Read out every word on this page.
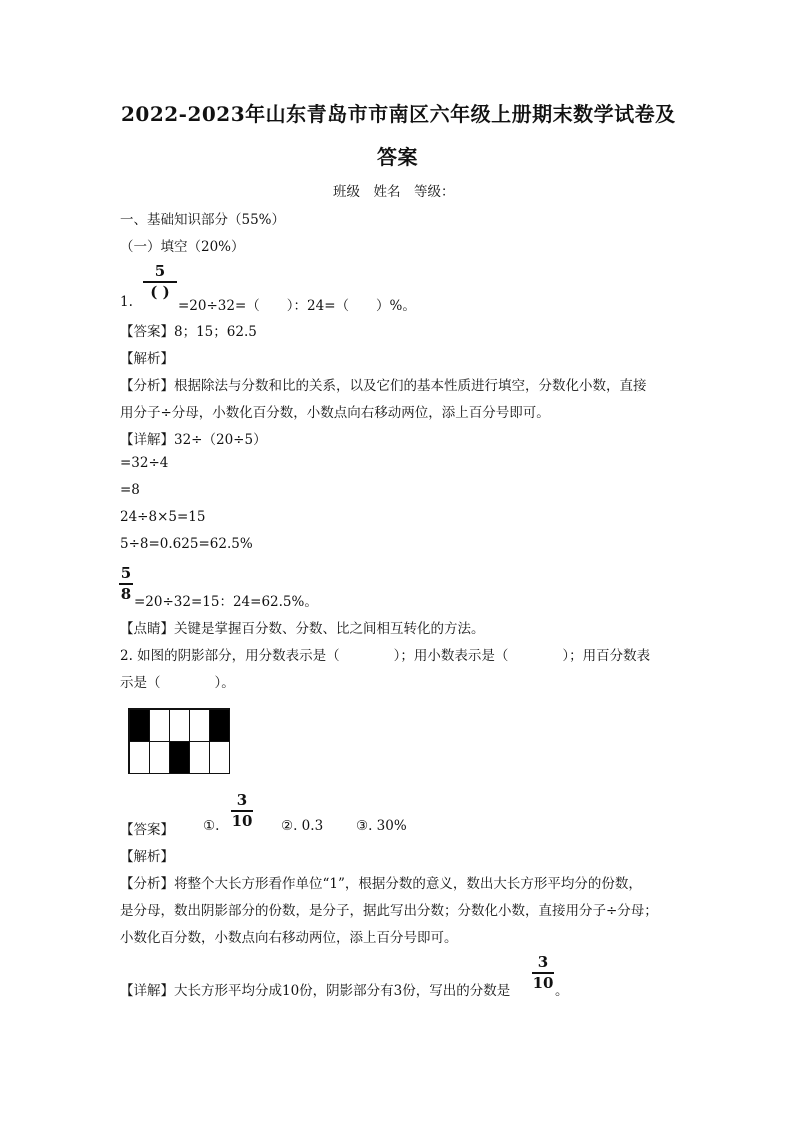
2022-2023年山东青岛市市南区六年级上册期末数学试卷及
答案
班级　姓名　等级：
一、基础知识部分（55%）
（一）填空（20%）
1.
5
( )
=20÷32=（　　）：24=（　　）%。
【答案】8；15；62.5
【解析】
【分析】根据除法与分数和比的关系，以及它们的基本性质进行填空，分数化小数，直接
用分子÷分母，小数化百分数，小数点向右移动两位，添上百分号即可。
【详解】32÷（20÷5）
=32÷4
=8
24÷8×5=15
5÷8=0.625=62.5%
5
8 =20÷32=15：24=62.5%。
【点睛】关键是掌握百分数、分数、比之间相互转化的方法。
2. 如图的阴影部分，用分数表示是（　　　　）；用小数表示是（　　　　）；用百分数表
示是（　　　　）。
【答案】 ①.
3
10 ②. 0.3 ③. 30%
【解析】
【分析】将整个大长方形看作单位“1”，根据分数的意义，数出大长方形平均分的份数，
是分母，数出阴影部分的份数，是分子，据此写出分数；分数化小数，直接用分子÷分母；
小数化百分数，小数点向右移动两位，添上百分号即可。
【详解】大长方形平均分成10份，阴影部分有3份，写出的分数是
3
10 。
